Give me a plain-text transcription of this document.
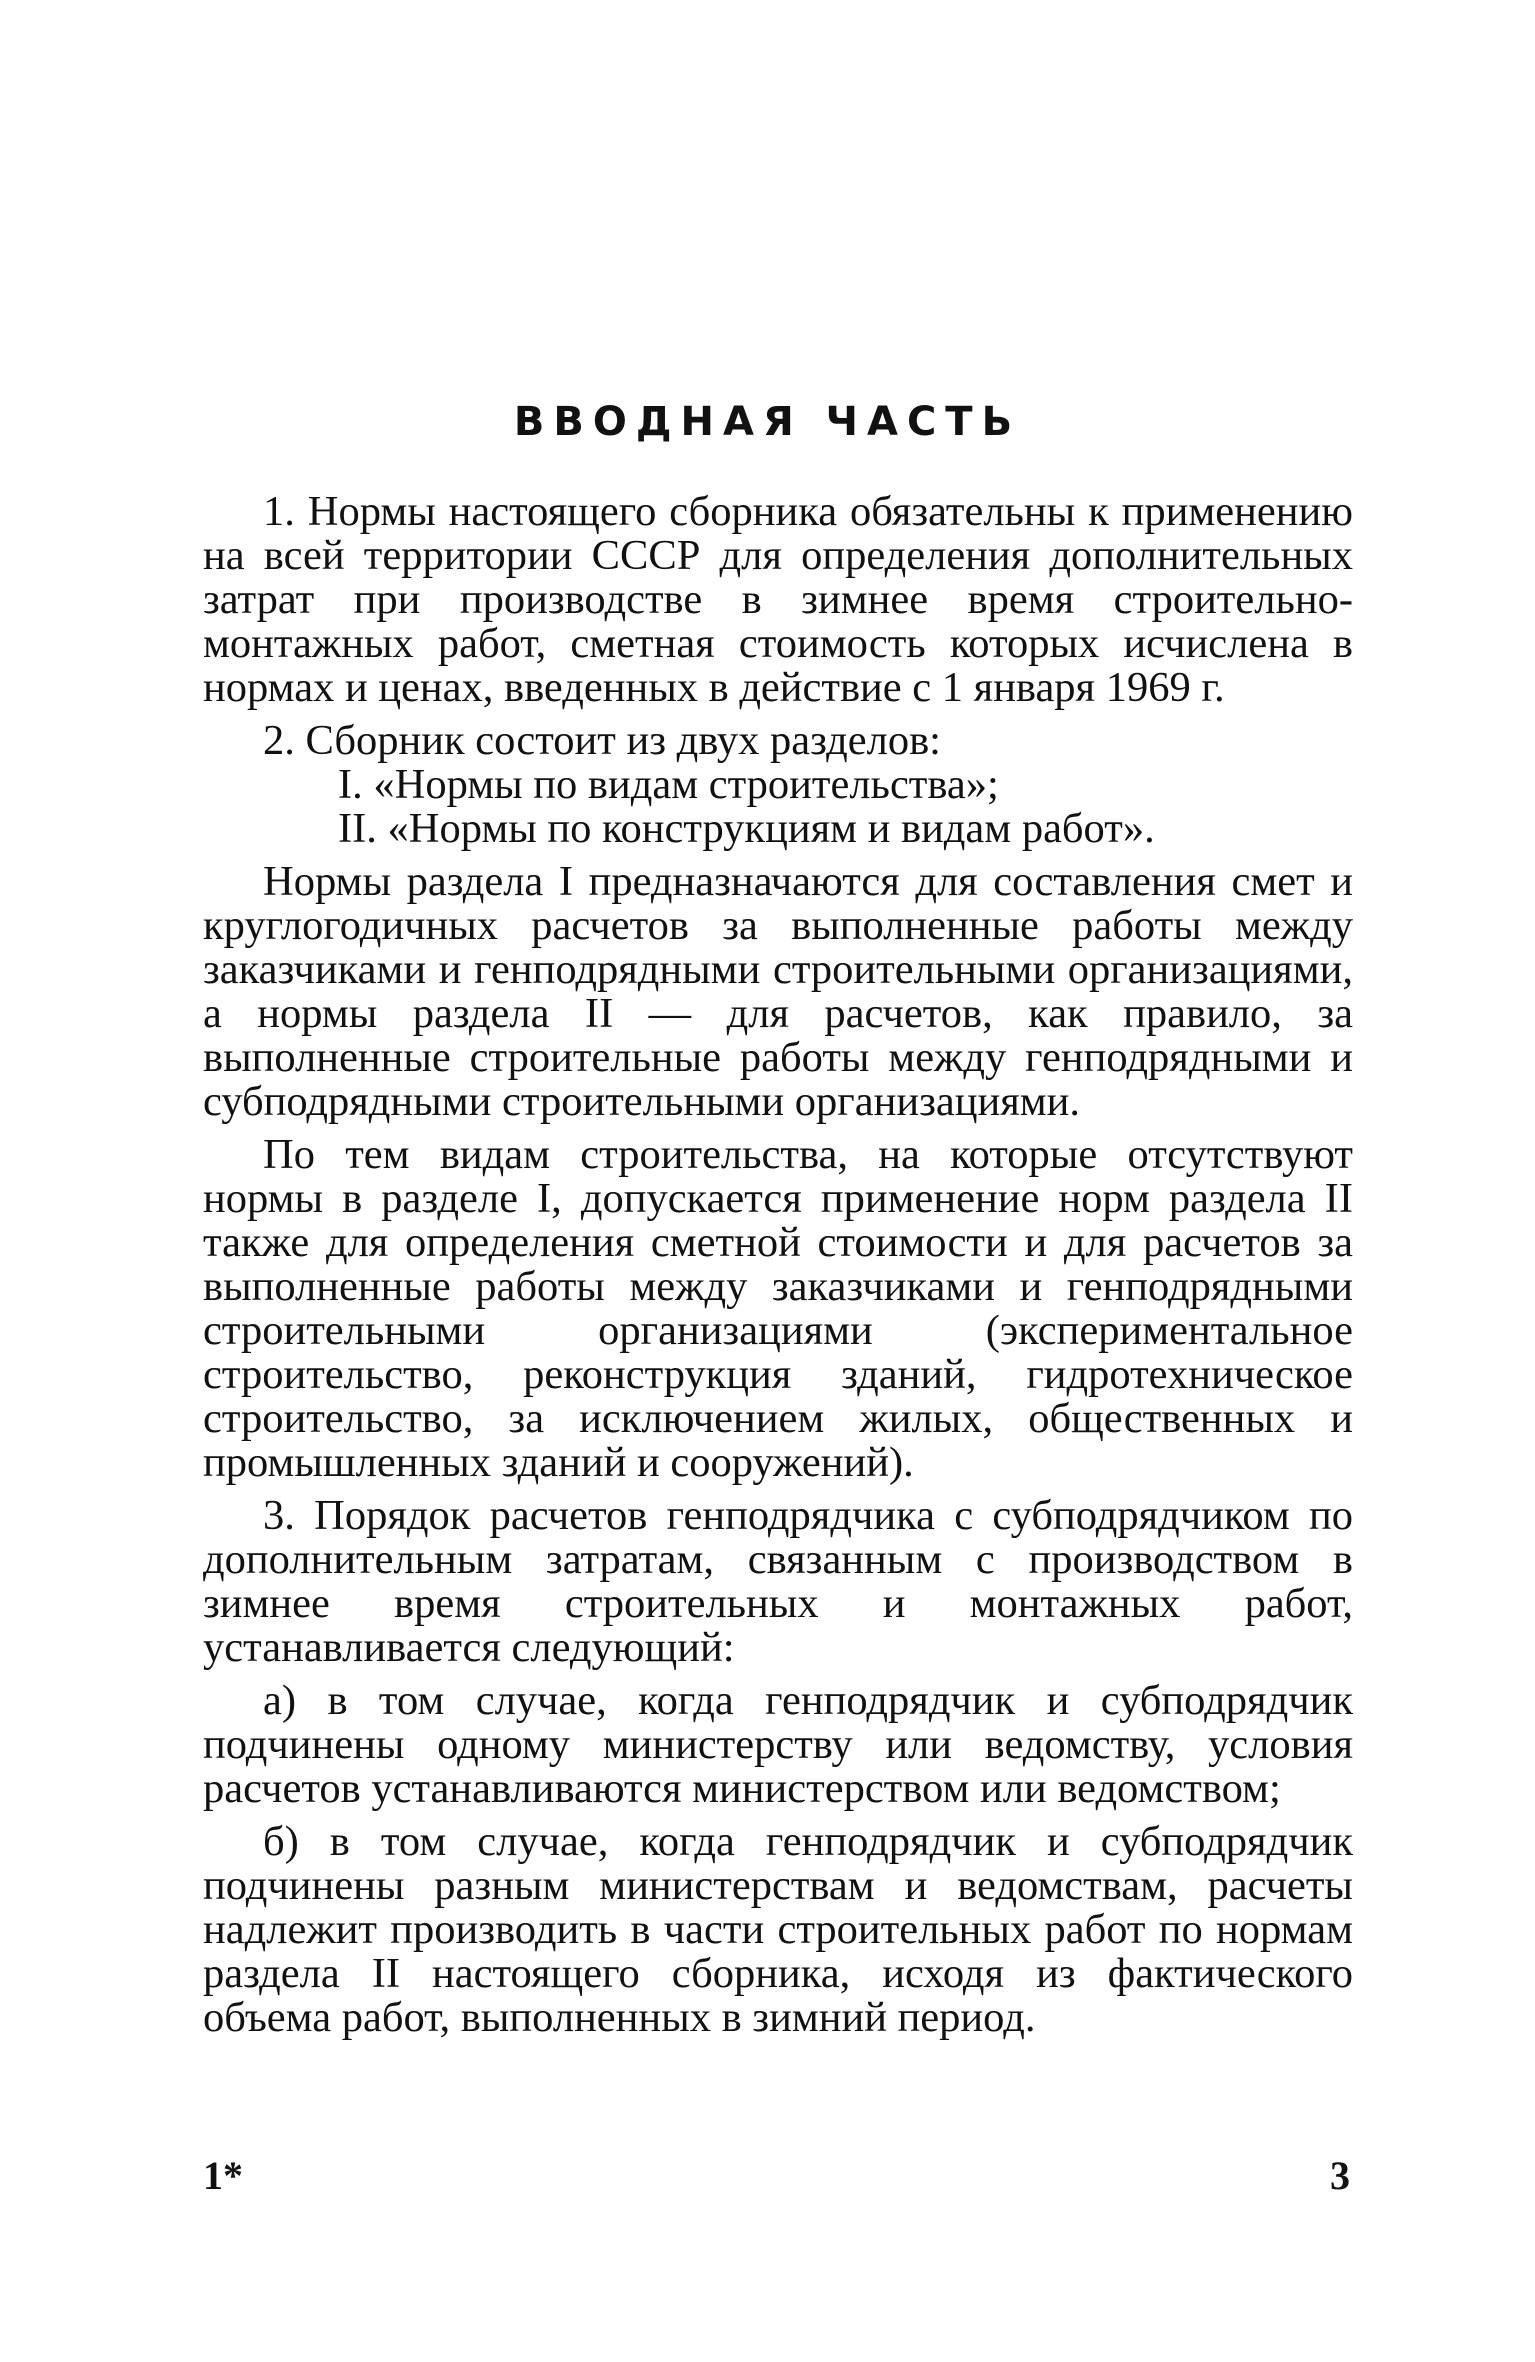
ВВОДНАЯ ЧАСТЬ

1. Нормы настоящего сборника обязательны к применению на всей территории СССР для определения дополнительных затрат при производстве в зимнее время строительно-монтажных работ, сметная стоимость которых исчислена в нормах и ценах, введенных в действие с 1 января 1969 г.

2. Сборник состоит из двух разделов:

I. «Нормы по видам строительства»;

II. «Нормы по конструкциям и видам работ».

Нормы раздела I предназначаются для составления смет и круглогодичных расчетов за выполненные работы между заказчиками и генподрядными строительными организациями, а нормы раздела II — для расчетов, как правило, за выполненные строительные работы между генподрядными и субподрядными строительными организациями.

По тем видам строительства, на которые отсутствуют нормы в разделе I, допускается применение норм раздела II также для определения сметной стоимости и для расчетов за выполненные работы между заказчиками и генподрядными строительными организациями (экспериментальное строительство, реконструкция зданий, гидротехническое строительство, за исключением жилых, общественных и промышленных зданий и сооружений).

3. Порядок расчетов генподрядчика с субподрядчиком по дополнительным затратам, связанным с производством в зимнее время строительных и монтажных работ, устанавливается следующий:

а) в том случае, когда генподрядчик и субподрядчик подчинены одному министерству или ведомству, условия расчетов устанавливаются министерством или ведомством;

б) в том случае, когда генподрядчик и субподрядчик подчинены разным министерствам и ведомствам, расчеты надлежит производить в части строительных работ по нормам раздела II настоящего сборника, исходя из фактического объема работ, выполненных в зимний период.

1*	3
